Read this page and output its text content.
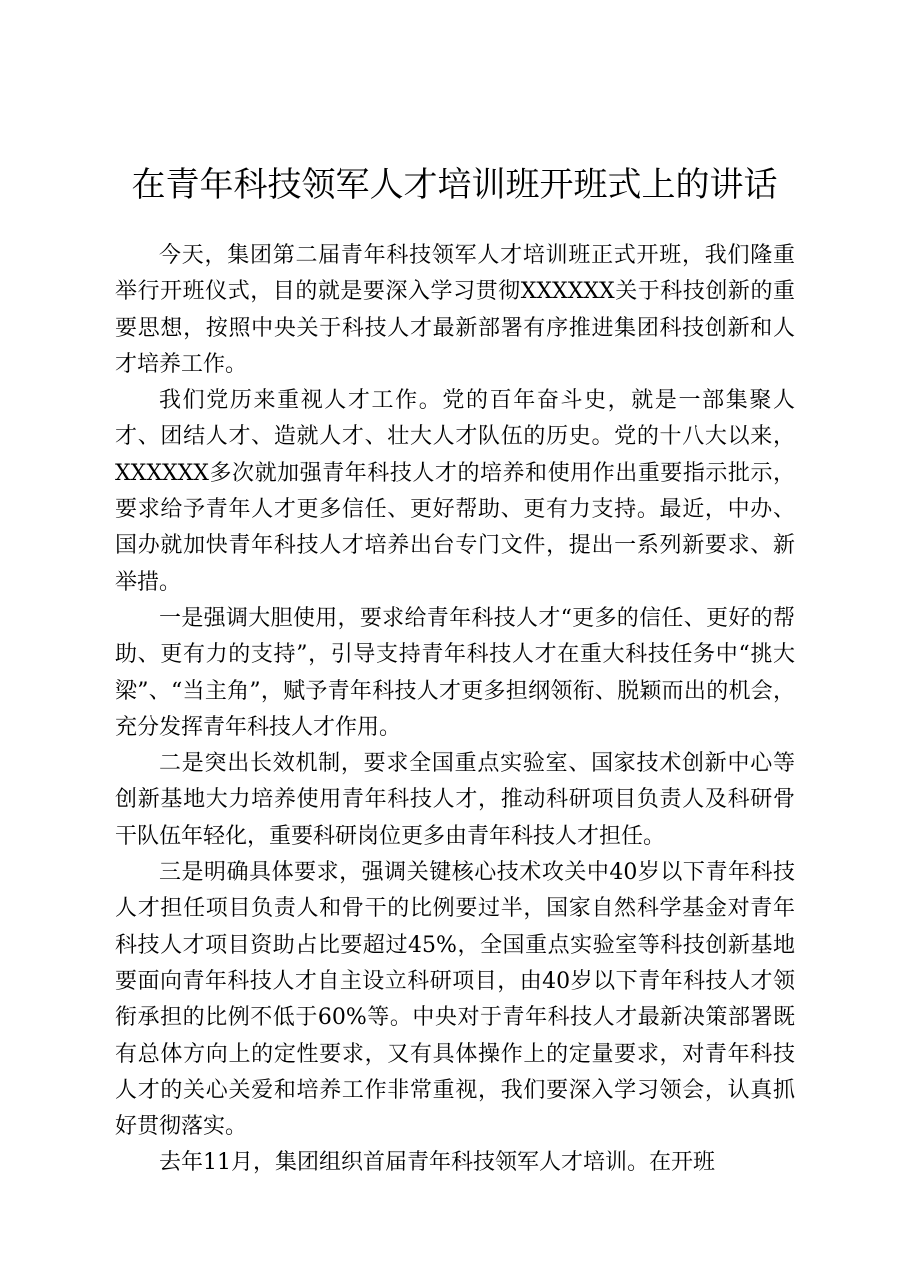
在青年科技领军人才培训班开班式上的讲话

今天，集团第二届青年科技领军人才培训班正式开班，我们隆重举行开班仪式，目的就是要深入学习贯彻XXXXXX关于科技创新的重要思想，按照中央关于科技人才最新部署有序推进集团科技创新和人才培养工作。

我们党历来重视人才工作。党的百年奋斗史，就是一部集聚人才、团结人才、造就人才、壮大人才队伍的历史。党的十八大以来，XXXXXX多次就加强青年科技人才的培养和使用作出重要指示批示，要求给予青年人才更多信任、更好帮助、更有力支持。最近，中办、国办就加快青年科技人才培养出台专门文件，提出一系列新要求、新举措。

一是强调大胆使用，要求给青年科技人才“更多的信任、更好的帮助、更有力的支持”，引导支持青年科技人才在重大科技任务中“挑大梁”、“当主角”，赋予青年科技人才更多担纲领衔、脱颖而出的机会，充分发挥青年科技人才作用。

二是突出长效机制，要求全国重点实验室、国家技术创新中心等创新基地大力培养使用青年科技人才，推动科研项目负责人及科研骨干队伍年轻化，重要科研岗位更多由青年科技人才担任。

三是明确具体要求，强调关键核心技术攻关中40岁以下青年科技人才担任项目负责人和骨干的比例要过半，国家自然科学基金对青年科技人才项目资助占比要超过45%，全国重点实验室等科技创新基地要面向青年科技人才自主设立科研项目，由40岁以下青年科技人才领衔承担的比例不低于60%等。中央对于青年科技人才最新决策部署既有总体方向上的定性要求，又有具体操作上的定量要求，对青年科技人才的关心关爱和培养工作非常重视，我们要深入学习领会，认真抓好贯彻落实。

去年11月，集团组织首届青年科技领军人才培训。在开班
